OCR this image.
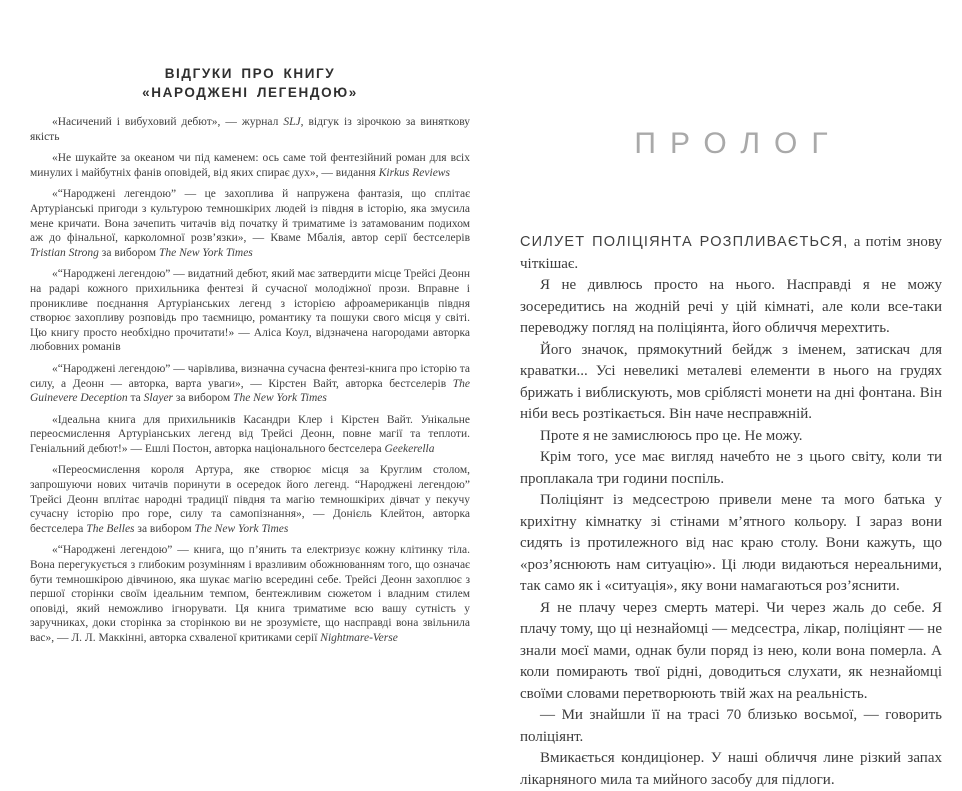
ВІДГУКИ ПРО КНИГУ
«НАРОДЖЕНІ ЛЕГЕНДОЮ»

«Насичений і вибуховий дебют», — журнал SLJ, відгук із зірочкою за виняткову якість

«Не шукайте за океаном чи під каменем: ось саме той фентезійний роман для всіх минулих і майбутніх фанів оповідей, від яких спирає дух», — видання Kirkus Reviews

«“Народжені легендою” — це захоплива й напружена фантазія, що сплітає Артуріанські пригоди з культурою темношкірих людей із півдня в історію, яка змусила мене кричати. Вона зачепить читачів від початку й триматиме із затамованим подихом аж до фінальної, карколомної розв’язки», — Кваме Мбалія, автор серії бестселерів Tristian Strong за вибором The New York Times

«“Народжені легендою” — видатний дебют, який має затвердити місце Трейсі Деонн на радарі кожного прихильника фентезі й сучасної молодіжної прози. Вправне і проникливе поєднання Артуріанських легенд з історією афроамериканців півдня створює захопливу розповідь про таємницю, романтику та пошуки свого місця у світі. Цю книгу просто необхідно прочитати!» — Аліса Коул, відзначена нагородами авторка любовних романів

«“Народжені легендою” — чарівлива, визначна сучасна фентезі-книга про історію та силу, а Деонн — авторка, варта уваги», — Кірстен Вайт, авторка бестселерів The Guinevere Deception та Slayer за вибором The New York Times

«Ідеальна книга для прихильників Касандри Клер і Кірстен Вайт. Унікальне переосмислення Артуріанських легенд від Трейсі Деонн, повне магії та теплоти. Геніальний дебют!» — Ешлі Постон, авторка національного бестселера Geekerella

«Переосмислення короля Артура, яке створює місця за Круглим столом, запрошуючи нових читачів поринути в осередок його легенд. “Народжені легендою” Трейсі Деонн вплітає народні традиції півдня та магію темношкірих дівчат у пекучу сучасну історію про горе, силу та самопізнання», — Донієль Клейтон, авторка бестселера The Belles за вибором The New York Times

«“Народжені легендою” — книга, що п’янить та електризує кожну клітинку тіла. Вона перегукується з глибоким розумінням і вразливим обожнюванням того, що означає бути темношкірою дівчиною, яка шукає магію всередині себе. Трейсі Деонн захоплює з першої сторінки своїм ідеальним темпом, бентежливим сюжетом і владним стилем оповіді, який неможливо ігнорувати. Ця книга триматиме всю вашу сутність у заручниках, доки сторінка за сторінкою ви не зрозумієте, що насправді вона звільнила вас», — Л. Л. Маккінні, авторка схваленої критиками серії Nightmare-Verse

ПРОЛОГ

СИЛУЕТ ПОЛІЦІЯНТА РОЗПЛИВАЄТЬСЯ, а потім знову чіткішає.

Я не дивлюсь просто на нього. Насправді я не можу зосередитись на жодній речі у цій кімнаті, але коли все-таки переводжу погляд на поліціянта, його обличчя мерехтить.

Його значок, прямокутний бейдж з іменем, затискач для краватки... Усі невеликі металеві елементи в нього на грудях брижать і виблискують, мов сріблясті монети на дні фонтана. Він ніби весь розтікається. Він наче несправжній.

Проте я не замислююсь про це. Не можу.

Крім того, усе має вигляд начебто не з цього світу, коли ти проплакала три години поспіль.

Поліціянт із медсестрою привели мене та мого батька у крихітну кімнатку зі стінами м’ятного кольору. І зараз вони сидять із протилежного від нас краю столу. Вони кажуть, що «роз’яснюють нам ситуацію». Ці люди видаються нереальними, так само як і «ситуація», яку вони намагаються роз’яснити.

Я не плачу через смерть матері. Чи через жаль до себе. Я плачу тому, що ці незнайомці — медсестра, лікар, поліціянт — не знали моєї мами, однак були поряд із нею, коли вона померла. А коли помирають твої рідні, доводиться слухати, як незнайомці своїми словами перетворюють твій жах на реальність.

— Ми знайшли її на трасі 70 близько восьмої, — говорить поліціянт.

Вмикається кондиціонер. У наші обличчя лине різкий запах лікарняного мила та мийного засобу для підлоги.
